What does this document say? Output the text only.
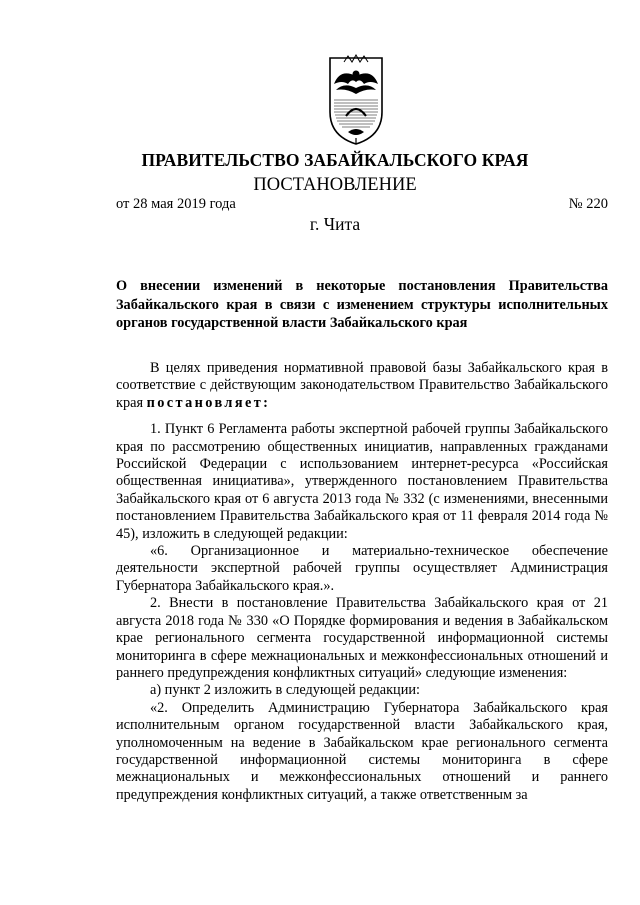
ПРАВИТЕЛЬСТВО ЗАБАЙКАЛЬСКОГО КРАЯ
ПОСТАНОВЛЕНИЕ
от 28 мая 2019 года	№ 220
г. Чита
О внесении изменений в некоторые постановления Правительства Забайкальского края в связи с изменением структуры исполнительных органов государственной власти Забайкальского края

В целях приведения нормативной правовой базы Забайкальского края в соответствие с действующим законодательством Правительство Забайкальского края постановляет:

1. Пункт 6 Регламента работы экспертной рабочей группы Забайкальского края по рассмотрению общественных инициатив, направленных гражданами Российской Федерации с использованием интернет-ресурса «Российская общественная инициатива», утвержденного постановлением Правительства Забайкальского края от 6 августа 2013 года № 332 (с изменениями, внесенными постановлением Правительства Забайкальского края от 11 февраля 2014 года № 45), изложить в следующей редакции:

«6. Организационное и материально-техническое обеспечение деятельности экспертной рабочей группы осуществляет Администрация Губернатора Забайкальского края.».

2. Внести в постановление Правительства Забайкальского края от 21 августа 2018 года № 330 «О Порядке формирования и ведения в Забайкальском крае регионального сегмента государственной информационной системы мониторинга в сфере межнациональных и межконфессиональных отношений и раннего предупреждения конфликтных ситуаций» следующие изменения:

а) пункт 2 изложить в следующей редакции:

«2. Определить Администрацию Губернатора Забайкальского края исполнительным органом государственной власти Забайкальского края, уполномоченным на ведение в Забайкальском крае регионального сегмента государственной информационной системы мониторинга в сфере межнациональных и межконфессиональных отношений и раннего предупреждения конфликтных ситуаций, а также ответственным за
